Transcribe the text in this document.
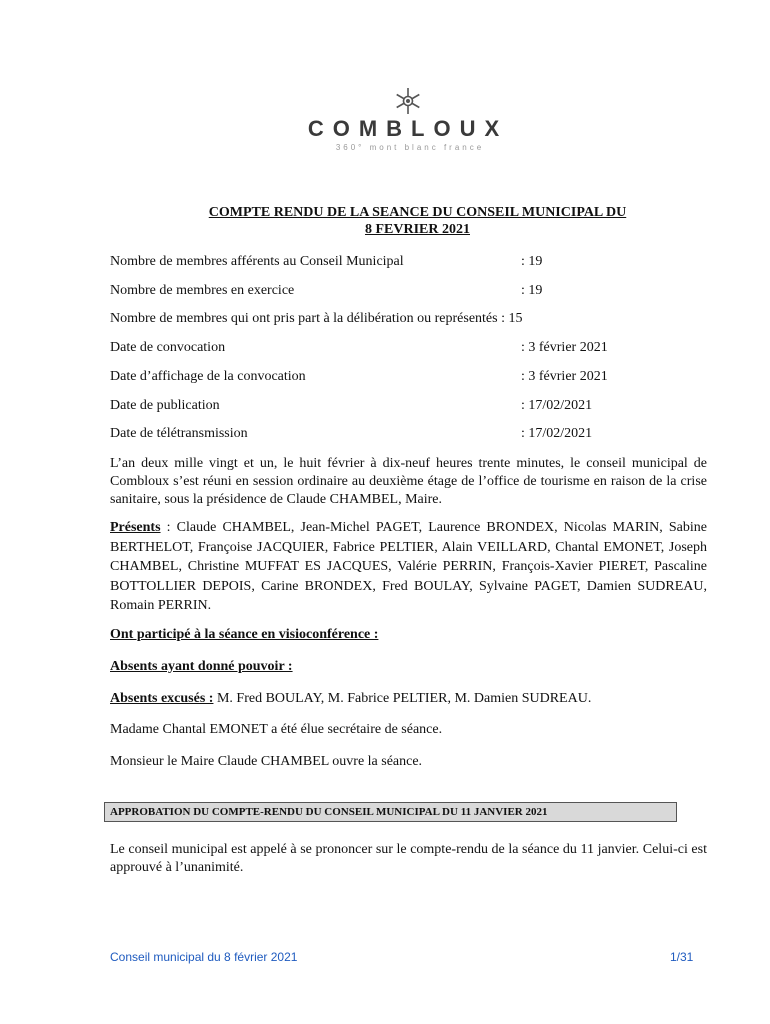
COMBLOUX
360° mont blanc france
COMPTE RENDU DE LA SEANCE DU CONSEIL MUNICIPAL DU
8 FEVRIER 2021
Nombre de membres afférents au Conseil Municipal	: 19
Nombre de membres en exercice	: 19
Nombre de membres qui ont pris part à la délibération ou représentés : 15
Date de convocation	: 3 février 2021
Date d’affichage de la convocation	: 3 février 2021
Date de publication	: 17/02/2021
Date de télétransmission	: 17/02/2021
L’an deux mille vingt et un, le huit février à dix-neuf heures trente minutes, le conseil municipal de Combloux s’est réuni en session ordinaire au deuxième étage de l’office de tourisme en raison de la crise sanitaire, sous la présidence de Claude CHAMBEL, Maire.
Présents : Claude CHAMBEL, Jean-Michel PAGET, Laurence BRONDEX, Nicolas MARIN, Sabine BERTHELOT, Françoise JACQUIER, Fabrice PELTIER, Alain VEILLARD, Chantal EMONET, Joseph CHAMBEL, Christine MUFFAT ES JACQUES, Valérie PERRIN, François-Xavier PIERET, Pascaline BOTTOLLIER DEPOIS, Carine BRONDEX, Fred BOULAY, Sylvaine PAGET, Damien SUDREAU, Romain PERRIN.
Ont participé à la séance en visioconférence :
Absents ayant donné pouvoir :
Absents excusés : M. Fred BOULAY, M. Fabrice PELTIER, M. Damien SUDREAU.
Madame Chantal EMONET a été élue secrétaire de séance.
Monsieur le Maire Claude CHAMBEL ouvre la séance.
APPROBATION DU COMPTE-RENDU DU CONSEIL MUNICIPAL DU 11 JANVIER 2021
Le conseil municipal est appelé à se prononcer sur le compte-rendu de la séance du 11 janvier. Celui-ci est approuvé à l’unanimité.
Conseil municipal du 8 février 2021	1/31
